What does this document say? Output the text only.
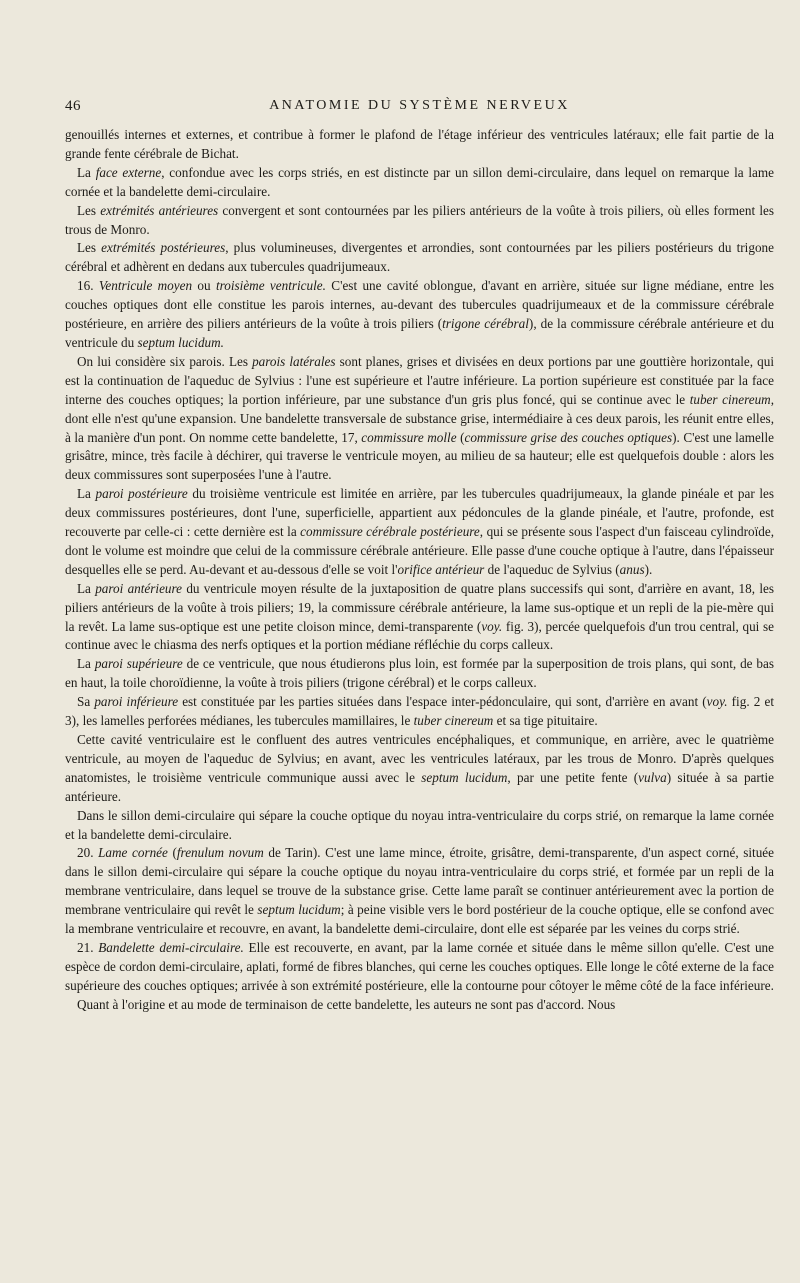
46	ANATOMIE DU SYSTÈME NERVEUX

genouillés internes et externes, et contribue à former le plafond de l'étage inférieur des ventricules latéraux; elle fait partie de la grande fente cérébrale de Bichat.

La face externe, confondue avec les corps striés, en est distincte par un sillon demi-circulaire, dans lequel on remarque la lame cornée et la bandelette demi-circulaire.

Les extrémités antérieures convergent et sont contournées par les piliers antérieurs de la voûte à trois piliers, où elles forment les trous de Monro.

Les extrémités postérieures, plus volumineuses, divergentes et arrondies, sont contournées par les piliers postérieurs du trigone cérébral et adhèrent en dedans aux tubercules quadrijumeaux.

16. Ventricule moyen ou troisième ventricule. C'est une cavité oblongue, d'avant en arrière, située sur ligne médiane, entre les couches optiques dont elle constitue les parois internes, au-devant des tubercules quadrijumeaux et de la commissure cérébrale postérieure, en arrière des piliers antérieurs de la voûte à trois piliers (trigone cérébral), de la commissure cérébrale antérieure et du ventricule du septum lucidum.

On lui considère six parois. Les parois latérales sont planes, grises et divisées en deux portions par une gouttière horizontale, qui est la continuation de l'aqueduc de Sylvius : l'une est supérieure et l'autre inférieure. La portion supérieure est constituée par la face interne des couches optiques; la portion inférieure, par une substance d'un gris plus foncé, qui se continue avec le tuber cinereum, dont elle n'est qu'une expansion. Une bandelette transversale de substance grise, intermédiaire à ces deux parois, les réunit entre elles, à la manière d'un pont. On nomme cette bandelette, 17, commissure molle (commissure grise des couches optiques). C'est une lamelle grisâtre, mince, très facile à déchirer, qui traverse le ventricule moyen, au milieu de sa hauteur; elle est quelquefois double : alors les deux commissures sont superposées l'une à l'autre.

La paroi postérieure du troisième ventricule est limitée en arrière, par les tubercules quadrijumeaux, la glande pinéale et par les deux commissures postérieures, dont l'une, superficielle, appartient aux pédoncules de la glande pinéale, et l'autre, profonde, est recouverte par celle-ci : cette dernière est la commissure cérébrale postérieure, qui se présente sous l'aspect d'un faisceau cylindroïde, dont le volume est moindre que celui de la commissure cérébrale antérieure. Elle passe d'une couche optique à l'autre, dans l'épaisseur desquelles elle se perd. Au-devant et au-dessous d'elle se voit l'orifice antérieur de l'aqueduc de Sylvius (anus).

La paroi antérieure du ventricule moyen résulte de la juxtaposition de quatre plans successifs qui sont, d'arrière en avant, 18, les piliers antérieurs de la voûte à trois piliers; 19, la commissure cérébrale antérieure, la lame sus-optique et un repli de la pie-mère qui la revêt. La lame sus-optique est une petite cloison mince, demi-transparente (voy. fig. 3), percée quelquefois d'un trou central, qui se continue avec le chiasma des nerfs optiques et la portion médiane réfléchie du corps calleux.

La paroi supérieure de ce ventricule, que nous étudierons plus loin, est formée par la superposition de trois plans, qui sont, de bas en haut, la toile choroïdienne, la voûte à trois piliers (trigone cérébral) et le corps calleux.

Sa paroi inférieure est constituée par les parties situées dans l'espace inter-pédonculaire, qui sont, d'arrière en avant (voy. fig. 2 et 3), les lamelles perforées médianes, les tubercules mamillaires, le tuber cinereum et sa tige pituitaire.

Cette cavité ventriculaire est le confluent des autres ventricules encéphaliques, et communique, en arrière, avec le quatrième ventricule, au moyen de l'aqueduc de Sylvius; en avant, avec les ventricules latéraux, par les trous de Monro. D'après quelques anatomistes, le troisième ventricule communique aussi avec le septum lucidum, par une petite fente (vulva) située à sa partie antérieure.

Dans le sillon demi-circulaire qui sépare la couche optique du noyau intra-ventriculaire du corps strié, on remarque la lame cornée et la bandelette demi-circulaire.

20. Lame cornée (frenulum novum de Tarin). C'est une lame mince, étroite, grisâtre, demi-transparente, d'un aspect corné, située dans le sillon demi-circulaire qui sépare la couche optique du noyau intra-ventriculaire du corps strié, et formée par un repli de la membrane ventriculaire, dans lequel se trouve de la substance grise. Cette lame paraît se continuer antérieurement avec la portion de membrane ventriculaire qui revêt le septum lucidum; à peine visible vers le bord postérieur de la couche optique, elle se confond avec la membrane ventriculaire et recouvre, en avant, la bandelette demi-circulaire, dont elle est séparée par les veines du corps strié.

21. Bandelette demi-circulaire. Elle est recouverte, en avant, par la lame cornée et située dans le même sillon qu'elle. C'est une espèce de cordon demi-circulaire, aplati, formé de fibres blanches, qui cerne les couches optiques. Elle longe le côté externe de la face supérieure des couches optiques; arrivée à son extrémité postérieure, elle la contourne pour côtoyer le même côté de la face inférieure.

Quant à l'origine et au mode de terminaison de cette bandelette, les auteurs ne sont pas d'accord. Nous
